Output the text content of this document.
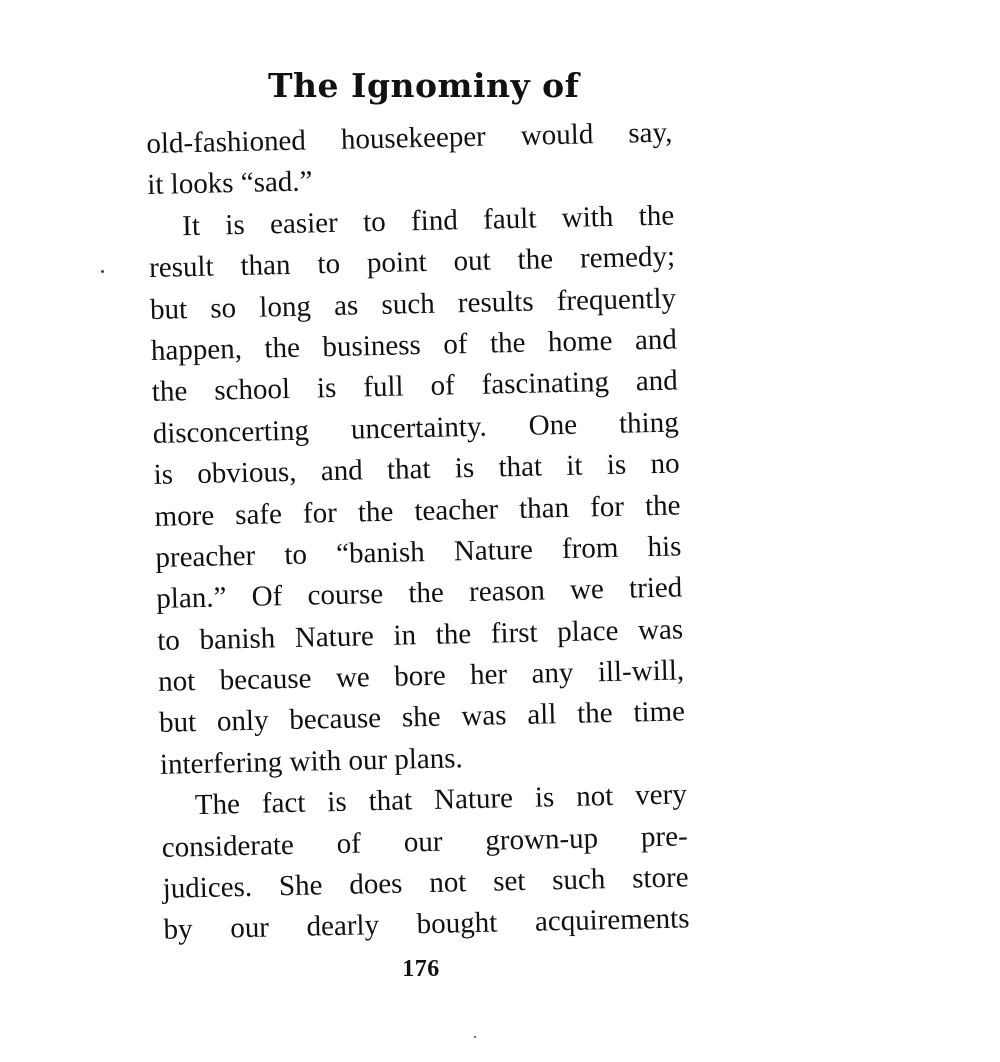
The Ignominy of
old-fashioned housekeeper would say,
it looks “sad.”
It is easier to find fault with the
result than to point out the remedy;
but so long as such results frequently
happen, the business of the home and
the school is full of fascinating and
disconcerting uncertainty. One thing
is obvious, and that is that it is no
more safe for the teacher than for the
preacher to “banish Nature from his
plan.” Of course the reason we tried
to banish Nature in the first place was
not because we bore her any ill-will,
but only because she was all the time
interfering with our plans.
The fact is that Nature is not very
considerate of our grown-up pre-
judices. She does not set such store
by our dearly bought acquirements
176
